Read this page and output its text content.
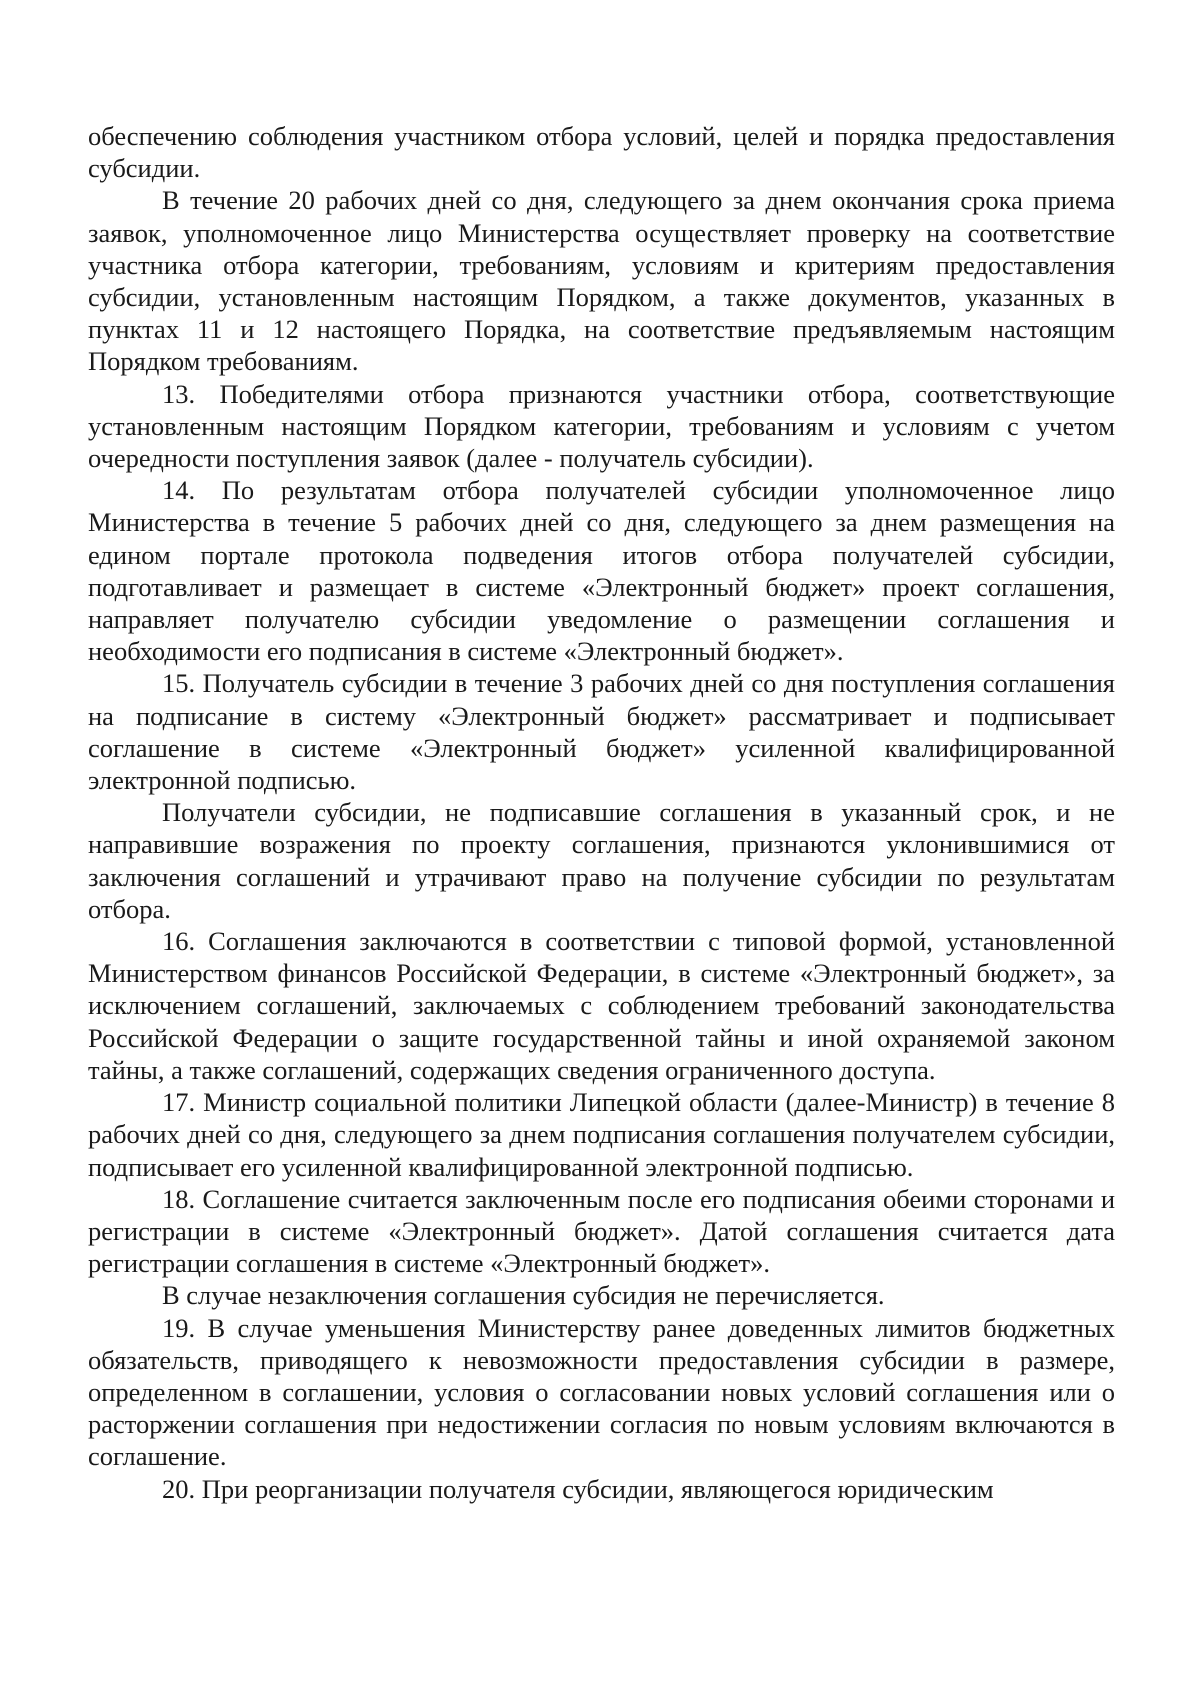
обеспечению соблюдения участником отбора условий, целей и порядка предоставления субсидии.

В течение 20 рабочих дней со дня, следующего за днем окончания срока приема заявок, уполномоченное лицо Министерства осуществляет проверку на соответствие участника отбора категории, требованиям, условиям и критериям предоставления субсидии, установленным настоящим Порядком, а также документов, указанных в пунктах 11 и 12 настоящего Порядка, на соответствие предъявляемым настоящим Порядком требованиям.

13. Победителями отбора признаются участники отбора, соответствующие установленным настоящим Порядком категории, требованиям и условиям с учетом очередности поступления заявок (далее - получатель субсидии).

14. По результатам отбора получателей субсидии уполномоченное лицо Министерства в течение 5 рабочих дней со дня, следующего за днем размещения на едином портале протокола подведения итогов отбора получателей субсидии, подготавливает и размещает в системе «Электронный бюджет» проект соглашения, направляет получателю субсидии уведомление о размещении соглашения и необходимости его подписания в системе «Электронный бюджет».

15. Получатель субсидии в течение 3 рабочих дней со дня поступления соглашения на подписание в систему «Электронный бюджет» рассматривает и подписывает соглашение в системе «Электронный бюджет» усиленной квалифицированной электронной подписью.

Получатели субсидии, не подписавшие соглашения в указанный срок, и не направившие возражения по проекту соглашения, признаются уклонившимися от заключения соглашений и утрачивают право на получение субсидии по результатам отбора.

16. Соглашения заключаются в соответствии с типовой формой, установленной Министерством финансов Российской Федерации, в системе «Электронный бюджет», за исключением соглашений, заключаемых с соблюдением требований законодательства Российской Федерации о защите государственной тайны и иной охраняемой законом тайны, а также соглашений, содержащих сведения ограниченного доступа.

17. Министр социальной политики Липецкой области (далее-Министр) в течение 8 рабочих дней со дня, следующего за днем подписания соглашения получателем субсидии, подписывает его усиленной квалифицированной электронной подписью.

18. Соглашение считается заключенным после его подписания обеими сторонами и регистрации в системе «Электронный бюджет». Датой соглашения считается дата регистрации соглашения в системе «Электронный бюджет».

В случае незаключения соглашения субсидия не перечисляется.

19. В случае уменьшения Министерству ранее доведенных лимитов бюджетных обязательств, приводящего к невозможности предоставления субсидии в размере, определенном в соглашении, условия о согласовании новых условий соглашения или о расторжении соглашения при недостижении согласия по новым условиям включаются в соглашение.

20. При реорганизации получателя субсидии, являющегося юридическим
